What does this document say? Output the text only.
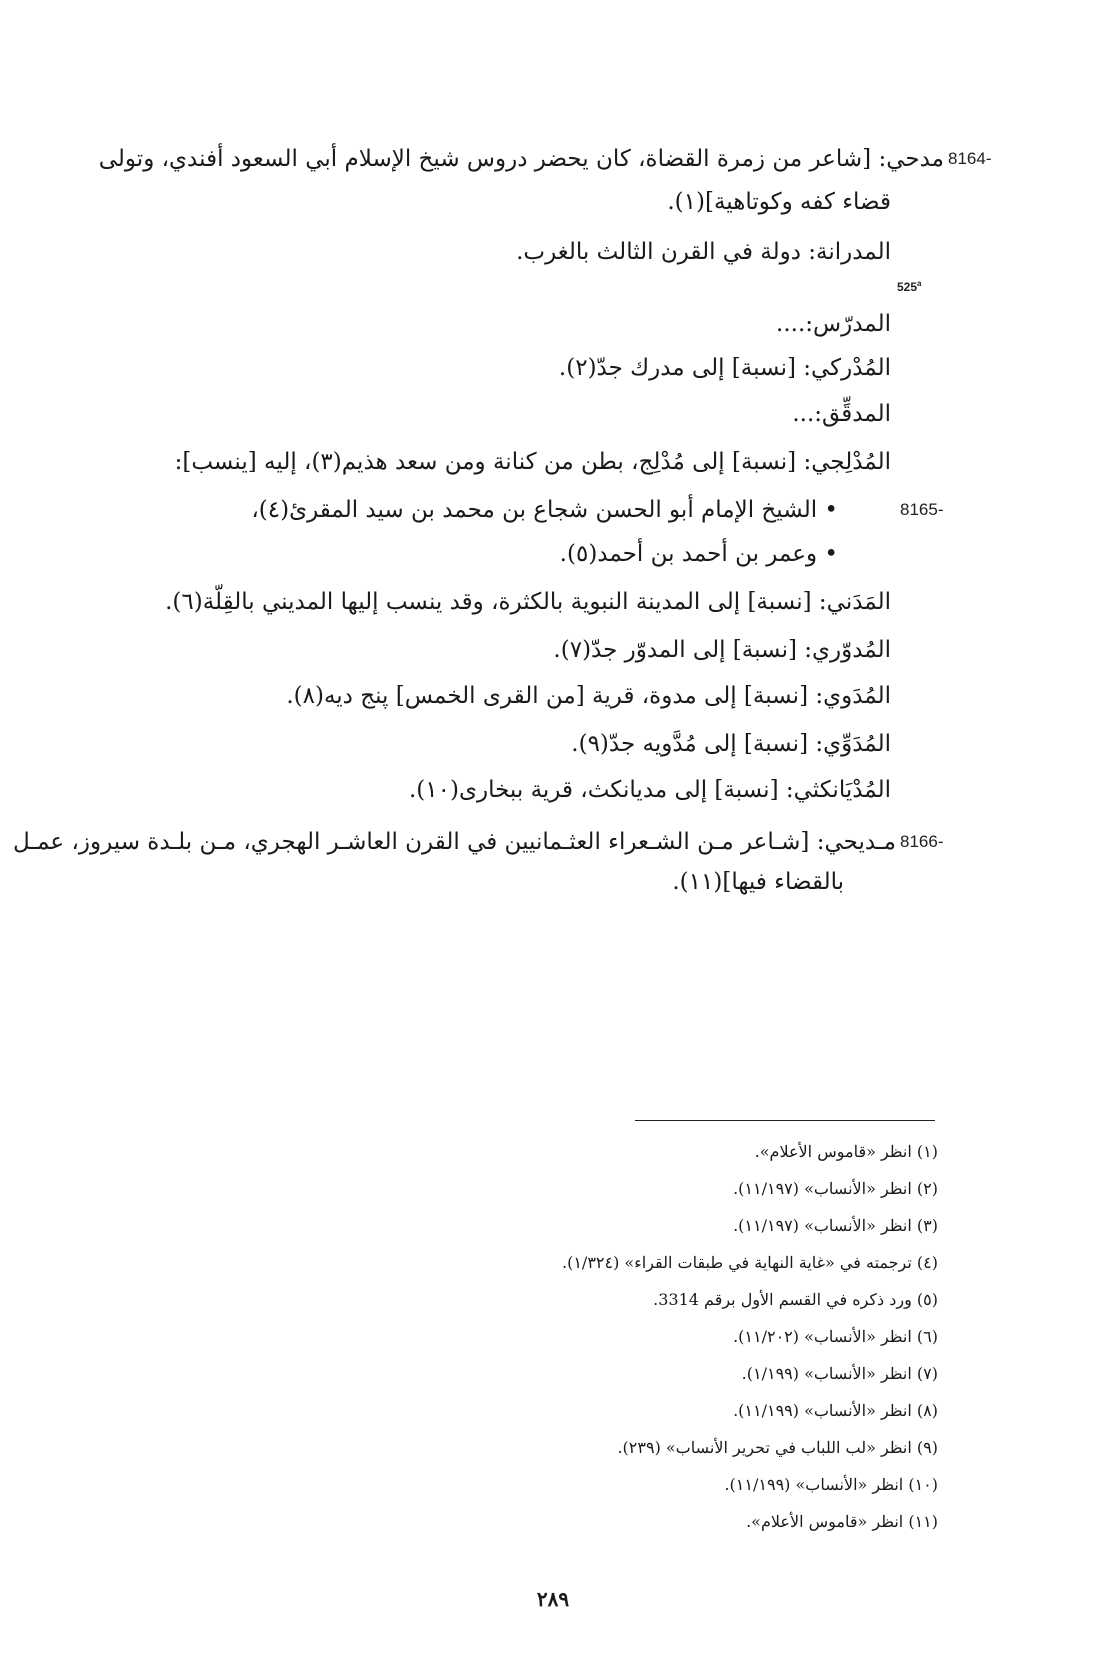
8164-
مدحي: [شاعر من زمرة القضاة، كان يحضر دروس شيخ الإسلام أبي السعود أفندي، وتولى
قضاء كفه وكوتاهية](١).
المدرانة: دولة في القرن الثالث بالغرب.
525$^a$
المدرّس:....
المُدْركي: [نسبة] إلى مدرك جدّ(٢).
المدقِّق:...
المُدْلِجي: [نسبة] إلى مُدْلِج، بطن من كنانة ومن سعد هذيم(٣)، إليه [ينسب]:
8165-
• الشيخ الإمام أبو الحسن شجاع بن محمد بن سيد المقرئ(٤)،
• وعمر بن أحمد بن أحمد(٥).
المَدَني: [نسبة] إلى المدينة النبوية بالكثرة، وقد ينسب إليها المديني بالقِلّة(٦).
المُدوّري: [نسبة] إلى المدوّر جدّ(٧).
المُدَوي: [نسبة] إلى مدوة، قرية [من القرى الخمس] پنج ديه(٨).
المُدَوِّي: [نسبة] إلى مُدَّويه جدّ(٩).
المُدْيَانكثي: [نسبة] إلى مديانكث، قرية ببخارى(١٠).
8166-
مـديحي: [شـاعر مـن الشـعراء العثـمانيين في القرن العاشـر الهجري، مـن بلـدة سيروز، عمـل
بالقضاء فيها](١١).
(١) انظر «قاموس الأعلام».
(٢) انظر «الأنساب» (١١/١٩٧).
(٣) انظر «الأنساب» (١١/١٩٧).
(٤) ترجمته في «غاية النهاية في طبقات القراء» (١/٣٢٤).
(٥) ورد ذكره في القسم الأول برقم 3314.
(٦) انظر «الأنساب» (١١/٢٠٢).
(٧) انظر «الأنساب» (١/١٩٩).
(٨) انظر «الأنساب» (١١/١٩٩).
(٩) انظر «لب اللباب في تحرير الأنساب» (٢٣٩).
(١٠) انظر «الأنساب» (١١/١٩٩).
(١١) انظر «قاموس الأعلام».
٢٨٩
